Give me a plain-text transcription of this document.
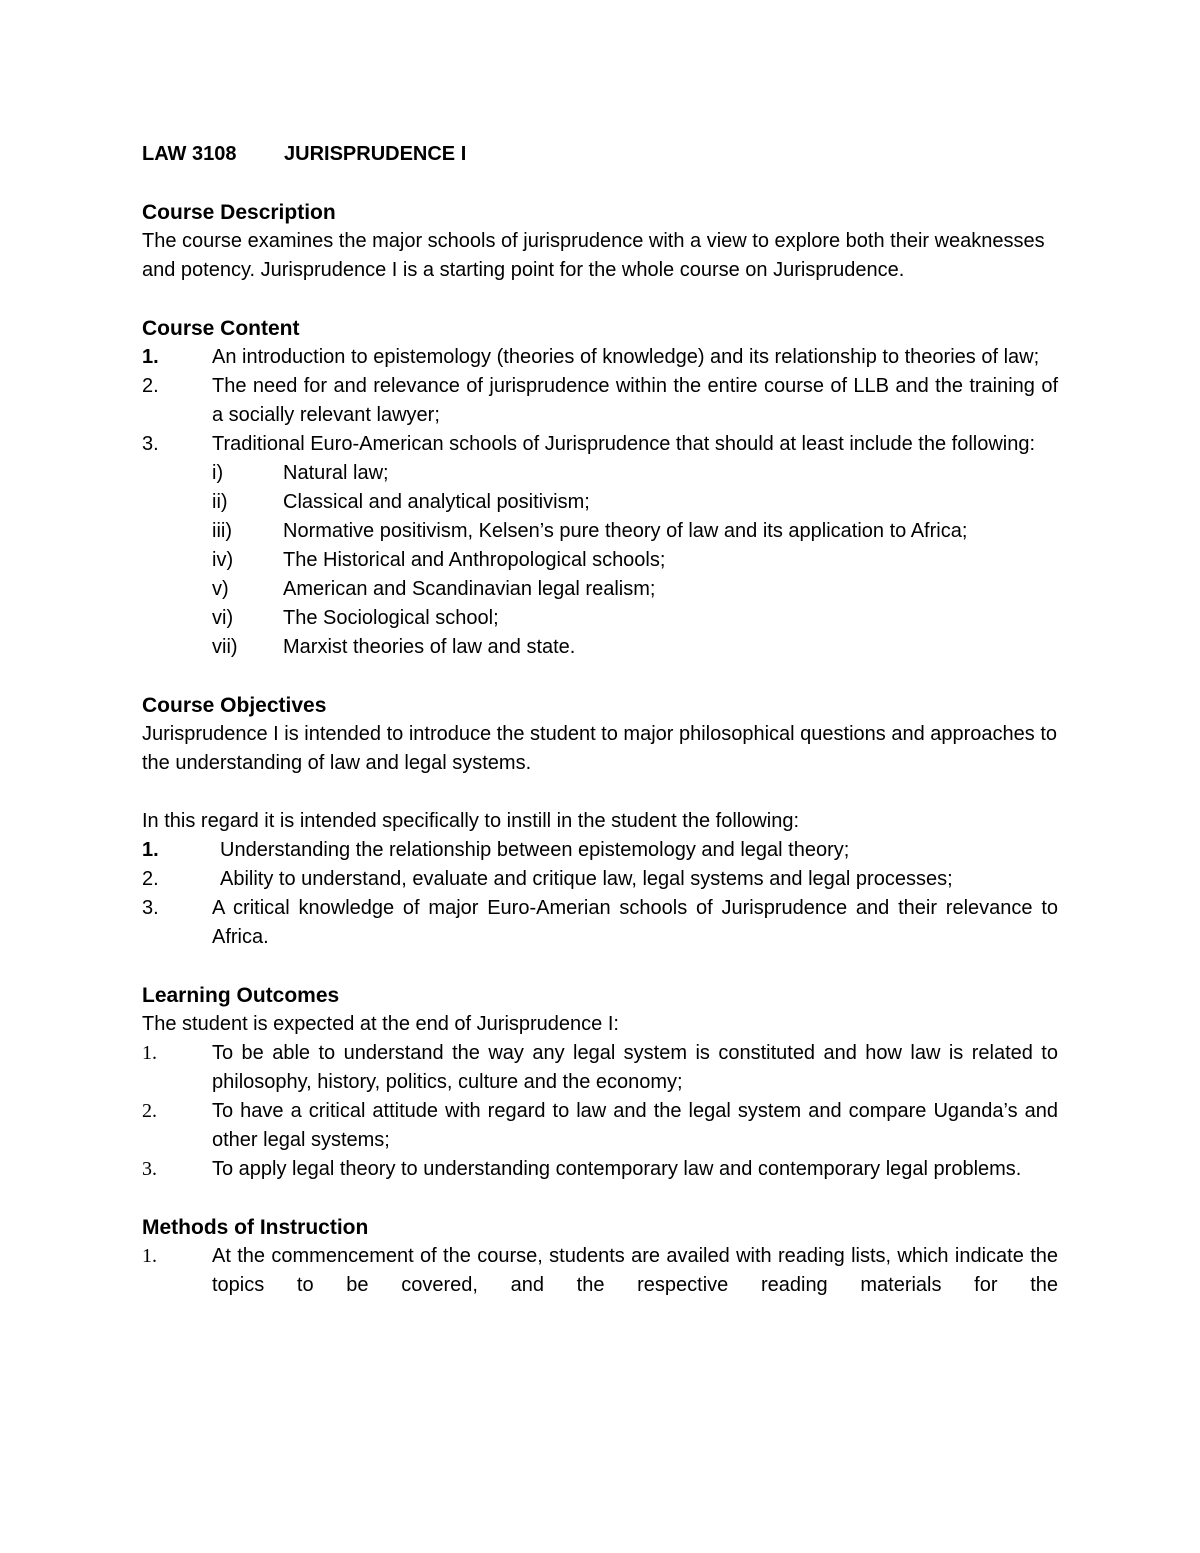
LAW 3108 JURISPRUDENCE I
Course Description

The course examines the major schools of jurisprudence with a view to explore both their weaknesses and potency. Jurisprudence I is a starting point for the whole course on Jurisprudence.

Course Content
1.	An introduction to epistemology (theories of knowledge) and its relationship to theories of law;
2.	The need for and relevance of jurisprudence within the entire course of LLB and the training of a socially relevant lawyer;
3.	Traditional Euro-American schools of Jurisprudence that should at least include the following:
i)	Natural law;
ii)	Classical and analytical positivism;
iii)	Normative positivism, Kelsen’s pure theory of law and its application to Africa;
iv)	The Historical and Anthropological schools;
v)	American and Scandinavian legal realism;
vi)	The Sociological school;
vii)	Marxist theories of law and state.
Course Objectives

Jurisprudence I is intended to introduce the student to major philosophical questions and approaches to the understanding of law and legal systems.

In this regard it is intended specifically to instill in the student the following:

1.	Understanding the relationship between epistemology and legal theory;
2.	Ability to understand, evaluate and critique law, legal systems and legal processes;
3.	A critical knowledge of major Euro-Amerian schools of Jurisprudence and their relevance to Africa.
Learning Outcomes

The student is expected at the end of Jurisprudence I:

1.	To be able to understand the way any legal system is constituted and how law is related to philosophy, history, politics, culture and the economy;
2.	To have a critical attitude with regard to law and the legal system and compare Uganda’s and other legal systems;
3.	To apply legal theory to understanding contemporary law and contemporary legal problems.
Methods of Instruction
1.	At the commencement of the course, students are availed with reading lists, which indicate the topics to be covered, and the respective reading materials for the
